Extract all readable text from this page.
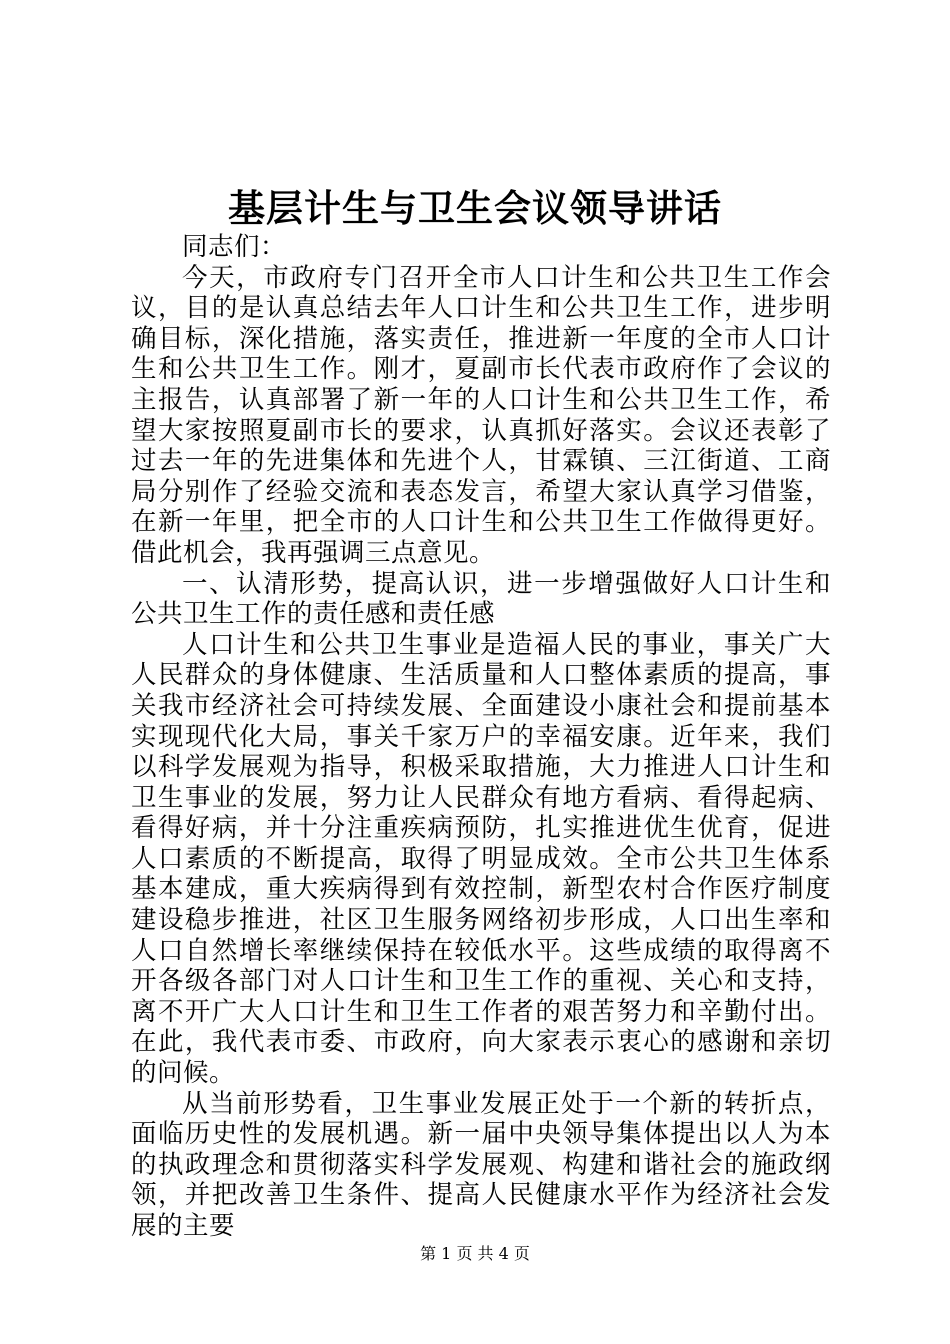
基层计生与卫生会议领导讲话

同志们：

今天，市政府专门召开全市人口计生和公共卫生工作会议，目的是认真总结去年人口计生和公共卫生工作，进步明确目标，深化措施，落实责任，推进新一年度的全市人口计生和公共卫生工作。刚才，夏副市长代表市政府作了会议的主报告，认真部署了新一年的人口计生和公共卫生工作，希望大家按照夏副市长的要求，认真抓好落实。会议还表彰了过去一年的先进集体和先进个人，甘霖镇、三江街道、工商局分别作了经验交流和表态发言，希望大家认真学习借鉴，在新一年里，把全市的人口计生和公共卫生工作做得更好。借此机会，我再强调三点意见。

一、认清形势，提高认识，进一步增强做好人口计生和公共卫生工作的责任感和责任感

人口计生和公共卫生事业是造福人民的事业，事关广大人民群众的身体健康、生活质量和人口整体素质的提高，事关我市经济社会可持续发展、全面建设小康社会和提前基本实现现代化大局，事关千家万户的幸福安康。近年来，我们以科学发展观为指导，积极采取措施，大力推进人口计生和卫生事业的发展，努力让人民群众有地方看病、看得起病、看得好病，并十分注重疾病预防，扎实推进优生优育，促进人口素质的不断提高，取得了明显成效。全市公共卫生体系基本建成，重大疾病得到有效控制，新型农村合作医疗制度建设稳步推进，社区卫生服务网络初步形成，人口出生率和人口自然增长率继续保持在较低水平。这些成绩的取得离不开各级各部门对人口计生和卫生工作的重视、关心和支持，离不开广大人口计生和卫生工作者的艰苦努力和辛勤付出。在此，我代表市委、市政府，向大家表示衷心的感谢和亲切的问候。

从当前形势看，卫生事业发展正处于一个新的转折点，面临历史性的发展机遇。新一届中央领导集体提出以人为本的执政理念和贯彻落实科学发展观、构建和谐社会的施政纲领，并把改善卫生条件、提高人民健康水平作为经济社会发展的主要

第 1 页 共 4 页
